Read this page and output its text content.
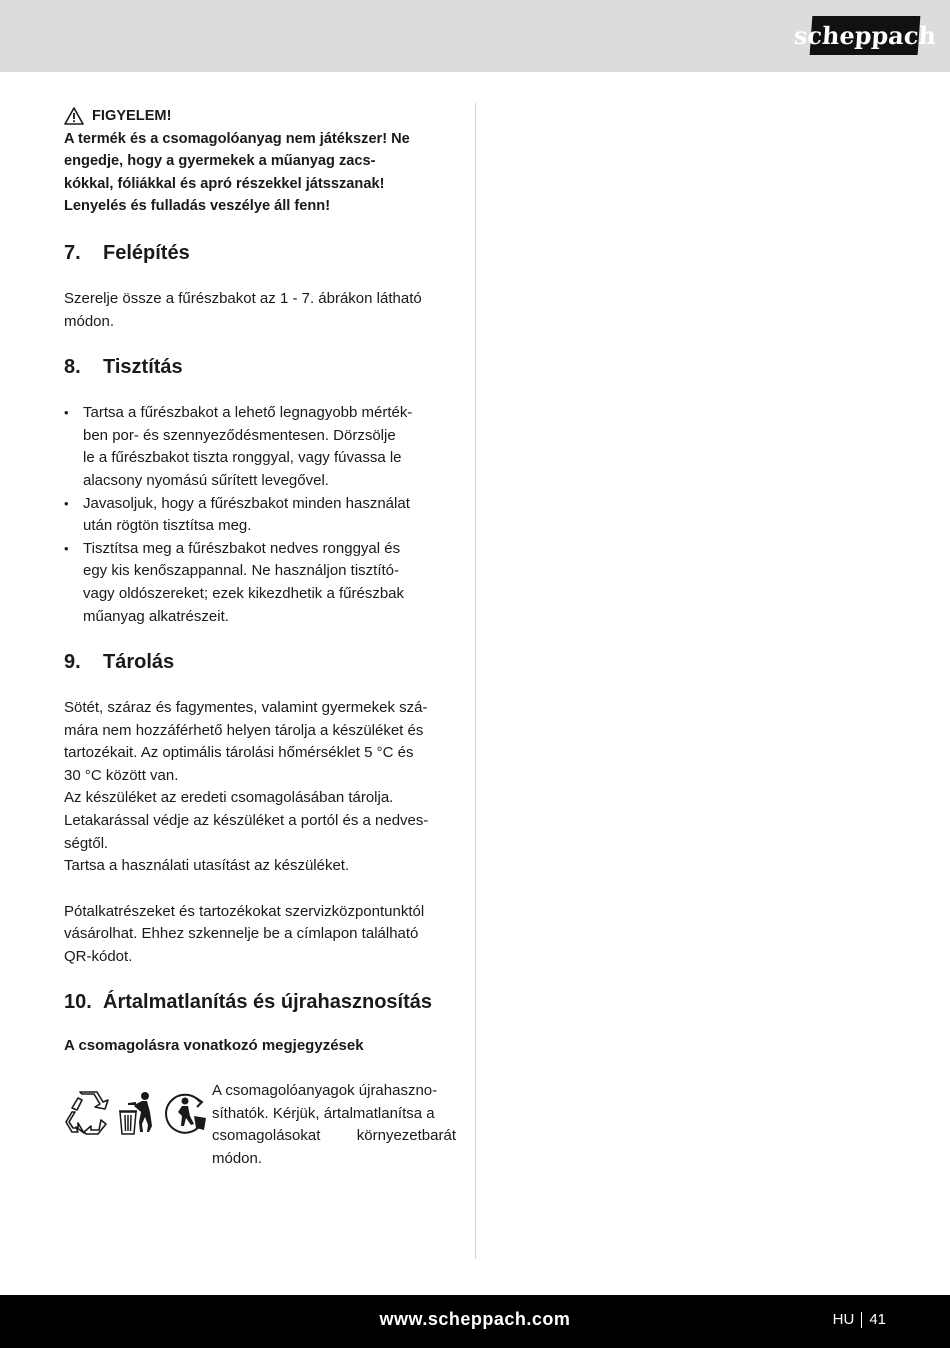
scheppach
FIGYELEM!
A termék és a csomagolóanyag nem játékszer! Ne
engedje, hogy a gyermekek a műanyag zacs-
kókkal, fóliákkal és apró részekkel játsszanak!
Lenyelés és fulladás veszélye áll fenn!
7.	Felépítés

Szerelje össze a fűrészbakot az 1 - 7. ábrákon látható

módon.

8.	Tisztítás
• Tartsa a fűrészbakot a lehető legnagyobb mérték-
ben por- és szennyeződésmentesen. Dörzsölje
le a fűrészbakot tiszta ronggyal, vagy fúvassa le
alacsony nyomású sűrített levegővel.
• Javasoljuk, hogy a fűrészbakot minden használat
után rögtön tisztítsa meg.
• Tisztítsa meg a fűrészbakot nedves ronggyal és
egy kis kenőszappannal. Ne használjon tisztító-
vagy oldószereket; ezek kikezdhetik a fűrészbak
műanyag alkatrészeit.
9.	Tárolás

Sötét, száraz és fagymentes, valamint gyermekek szá-

mára nem hozzáférhető helyen tárolja a készüléket és

tartozékait. Az optimális tárolási hőmérséklet 5 °C és

30 °C között van.

Az készüléket az eredeti csomagolásában tárolja.

Letakarással védje az készüléket a portól és a nedves-

ségtől.

Tartsa a használati utasítást az készüléket.

Pótalkatrészeket és tartozékokat szervizközpontunktól

vásárolhat. Ehhez szkennelje be a címlapon található

QR-kódot.

10. Ártalmatlanítás és újrahasznosítás
A csomagolásra vonatkozó megjegyzések

A csomagolóanyagok újrahaszno-

síthatók. Kérjük, ártalmatlanítsa a

csomagolásokat környezetbarát

módon.

www.scheppach.com	HU 41
